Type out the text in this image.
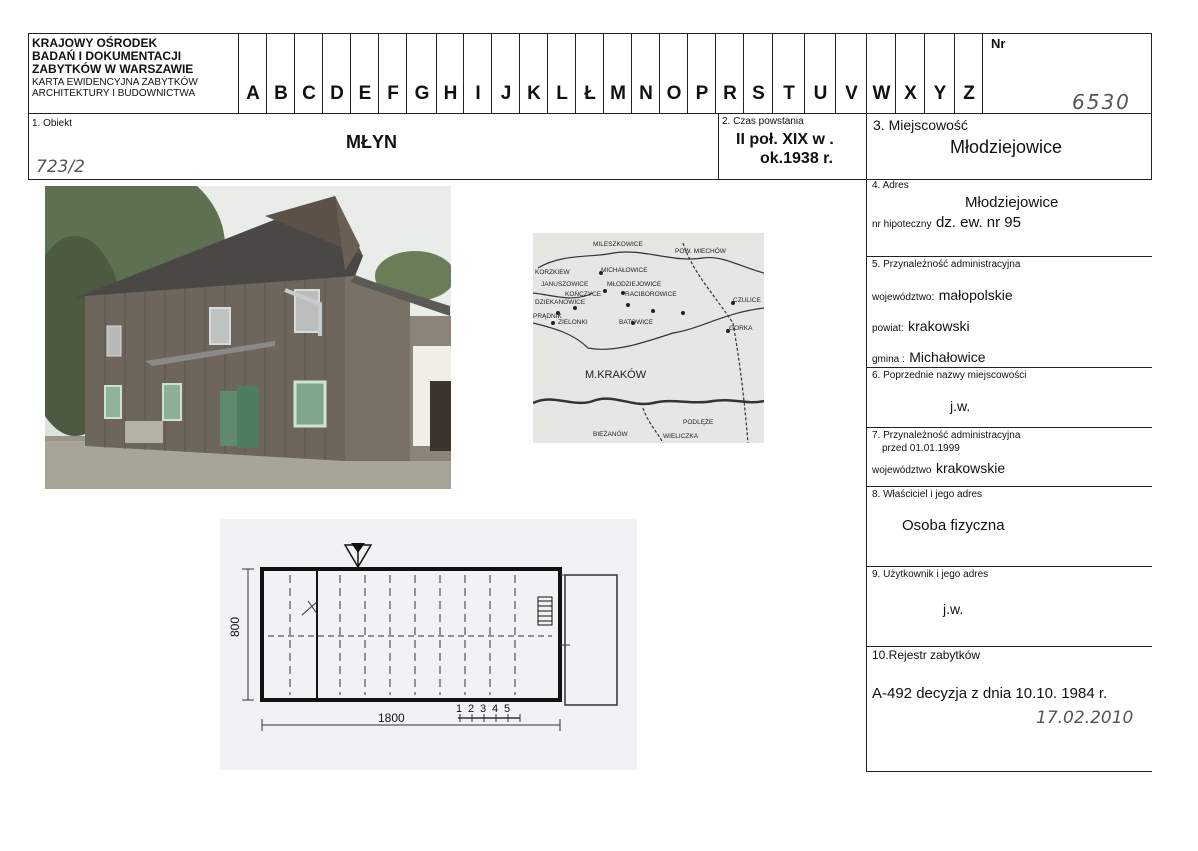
KRAJOWY OŚRODEK
BADAŃ I DOKUMENTACJI
ZABYTKÓW W WARSZAWIE
KARTA EWIDENCYJNA ZABYTKÓW
ARCHITEKTURY I BUDOWNICTWA	A B C D E F G H I	J K L Ł M N O P R S T U V W X Y Z
Nr
6530
1. Obiekt
MŁYN
723/2
2. Czas powstania
II poł. XIX w .
ok.1938 r.
3. Miejscowość
Młodziejowice
4. Adres
Młodziejowice
nr hipoteczny dz. ew. nr 95
5. Przynależność administracyjna
województwo: małopolskie
powiat: krakowski
gmina : Michałowice
6. Poprzednie nazwy miejscowości
j.w.
7. Przynależność administracyjna
przed 01.01.1999
województwo krakowskie
8. Właściciel i jego adres
Osoba fizyczna
9. Użytkownik i jego adres
j.w.
10.Rejestr zabytków
A-492 decyzja z dnia 10.10. 1984 r.
17.02.2010
MILESZKOWICE
POW. MIECHÓW
MICHAŁOWICE
KORZKIEW
JANUSZOWICE	MŁODZIEJOWICE
KOŃCZYCE	RACIBOROWICE
DZIEKANOWICE
PRĄDNIK
ZIELONKI	BATOWICE
CZULICE
GORKA
M.KRAKÓW
PODLĘŻE
BIEŻANÓW	WIELICZKA
1800
800
1 2 3 4 5
